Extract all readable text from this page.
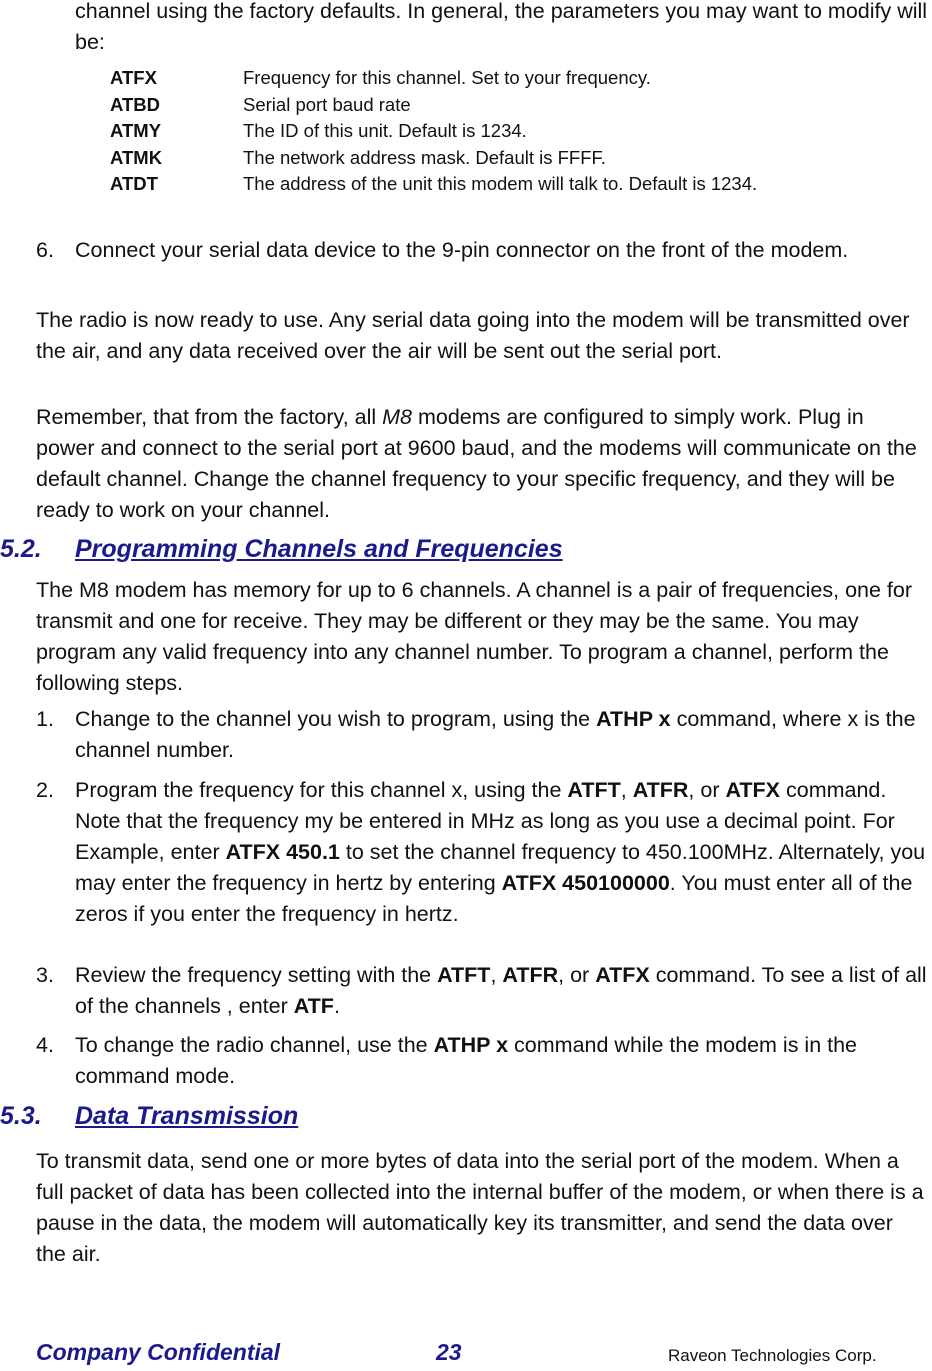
channel using the factory defaults. In general, the parameters you may want to modify will be:

ATFX	Frequency for this channel. Set to your frequency.
ATBD	Serial port baud rate
ATMY	The ID of this unit. Default is 1234.
ATMK	The network address mask. Default is FFFF.
ATDT	The address of the unit this modem will talk to. Default is 1234.
6. Connect your serial data device to the 9-pin connector on the front of the modem.

The radio is now ready to use. Any serial data going into the modem will be transmitted over the air, and any data received over the air will be sent out the serial port.

Remember, that from the factory, all M8 modems are configured to simply work. Plug in power and connect to the serial port at 9600 baud, and the modems will communicate on the default channel. Change the channel frequency to your specific frequency, and they will be ready to work on your channel.

5.2. Programming Channels and Frequencies

The M8 modem has memory for up to 6 channels. A channel is a pair of frequencies, one for transmit and one for receive. They may be different or they may be the same. You may program any valid frequency into any channel number. To program a channel, perform the following steps.

1. Change to the channel you wish to program, using the ATHP x command, where x is the channel number.

2. Program the frequency for this channel x, using the ATFT, ATFR, or ATFX command. Note that the frequency my be entered in MHz as long as you use a decimal point. For Example, enter ATFX 450.1 to set the channel frequency to 450.100MHz. Alternately, you may enter the frequency in hertz by entering ATFX 450100000. You must enter all of the zeros if you enter the frequency in hertz.

3. Review the frequency setting with the ATFT, ATFR, or ATFX command. To see a list of all of the channels , enter ATF.

4. To change the radio channel, use the ATHP x command while the modem is in the command mode.

5.3. Data Transmission

To transmit data, send one or more bytes of data into the serial port of the modem. When a full packet of data has been collected into the internal buffer of the modem, or when there is a pause in the data, the modem will automatically key its transmitter, and send the data over the air.

Company Confidential	23	Raveon Technologies Corp.
